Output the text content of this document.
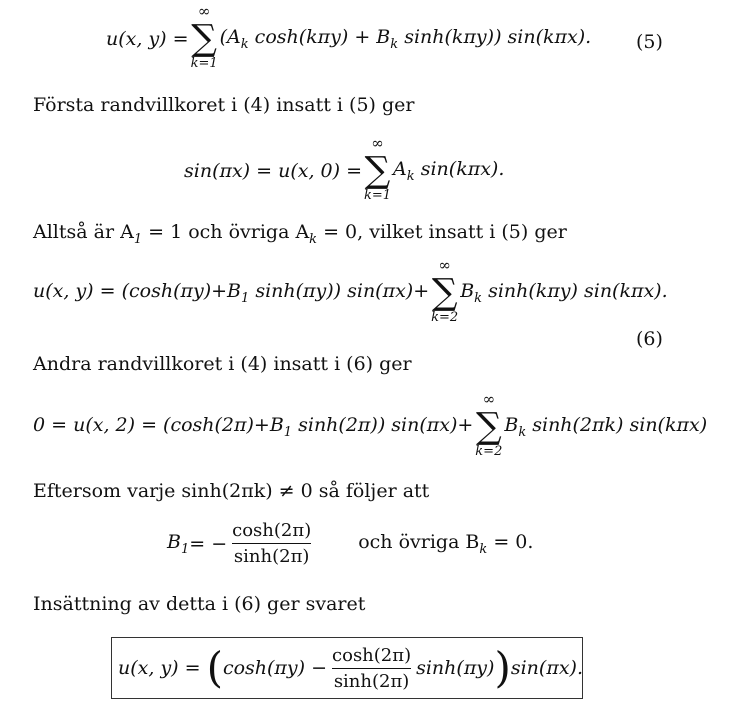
u(x, y) =
∞
∑
k=1
($A_k$ $\cosh(k\pi y) + B_k$ sinh(kπy)) sin(kπx). (5)
Första randvillkoret i (4) insatt i (5) ger
sin(πx) = u(x, 0) =
∞
∑
k=1
$A_k$ sin(kπx).
Alltså är $A_1 = 1$ och övriga $A_k = 0$, vilket insatt i (5) ger
u(x, $y) = (\cosh(\pi y)+B_1$ sinh(πy)) sin(πx)+
∞
∑
k=2
$B_k$ sinh(kπy) sin(kπx).
(6)
Andra randvillkoret i (4) insatt i (6) ger
0 = u(x, $2) = (\cosh(2\pi)+B_1$ sinh(2π)) sin(πx)+
∞
∑
k=2
$B_k$ sinh(2πk) sin(kπx)
Eftersom varje sinh(2πk) ≠ 0 så följer att
$B_1$ = − $\frac{\cosh(2\pi)}{\sinh(2\pi)}$ och övriga $B_k = 0$.
Insättning av detta i (6) ger svaret
u(x, y) = ( $\cosh(\pi y) - \frac{\cosh(2\pi)}{\sinh(2\pi)} \sinh(\pi y)$ ) sin(πx).
